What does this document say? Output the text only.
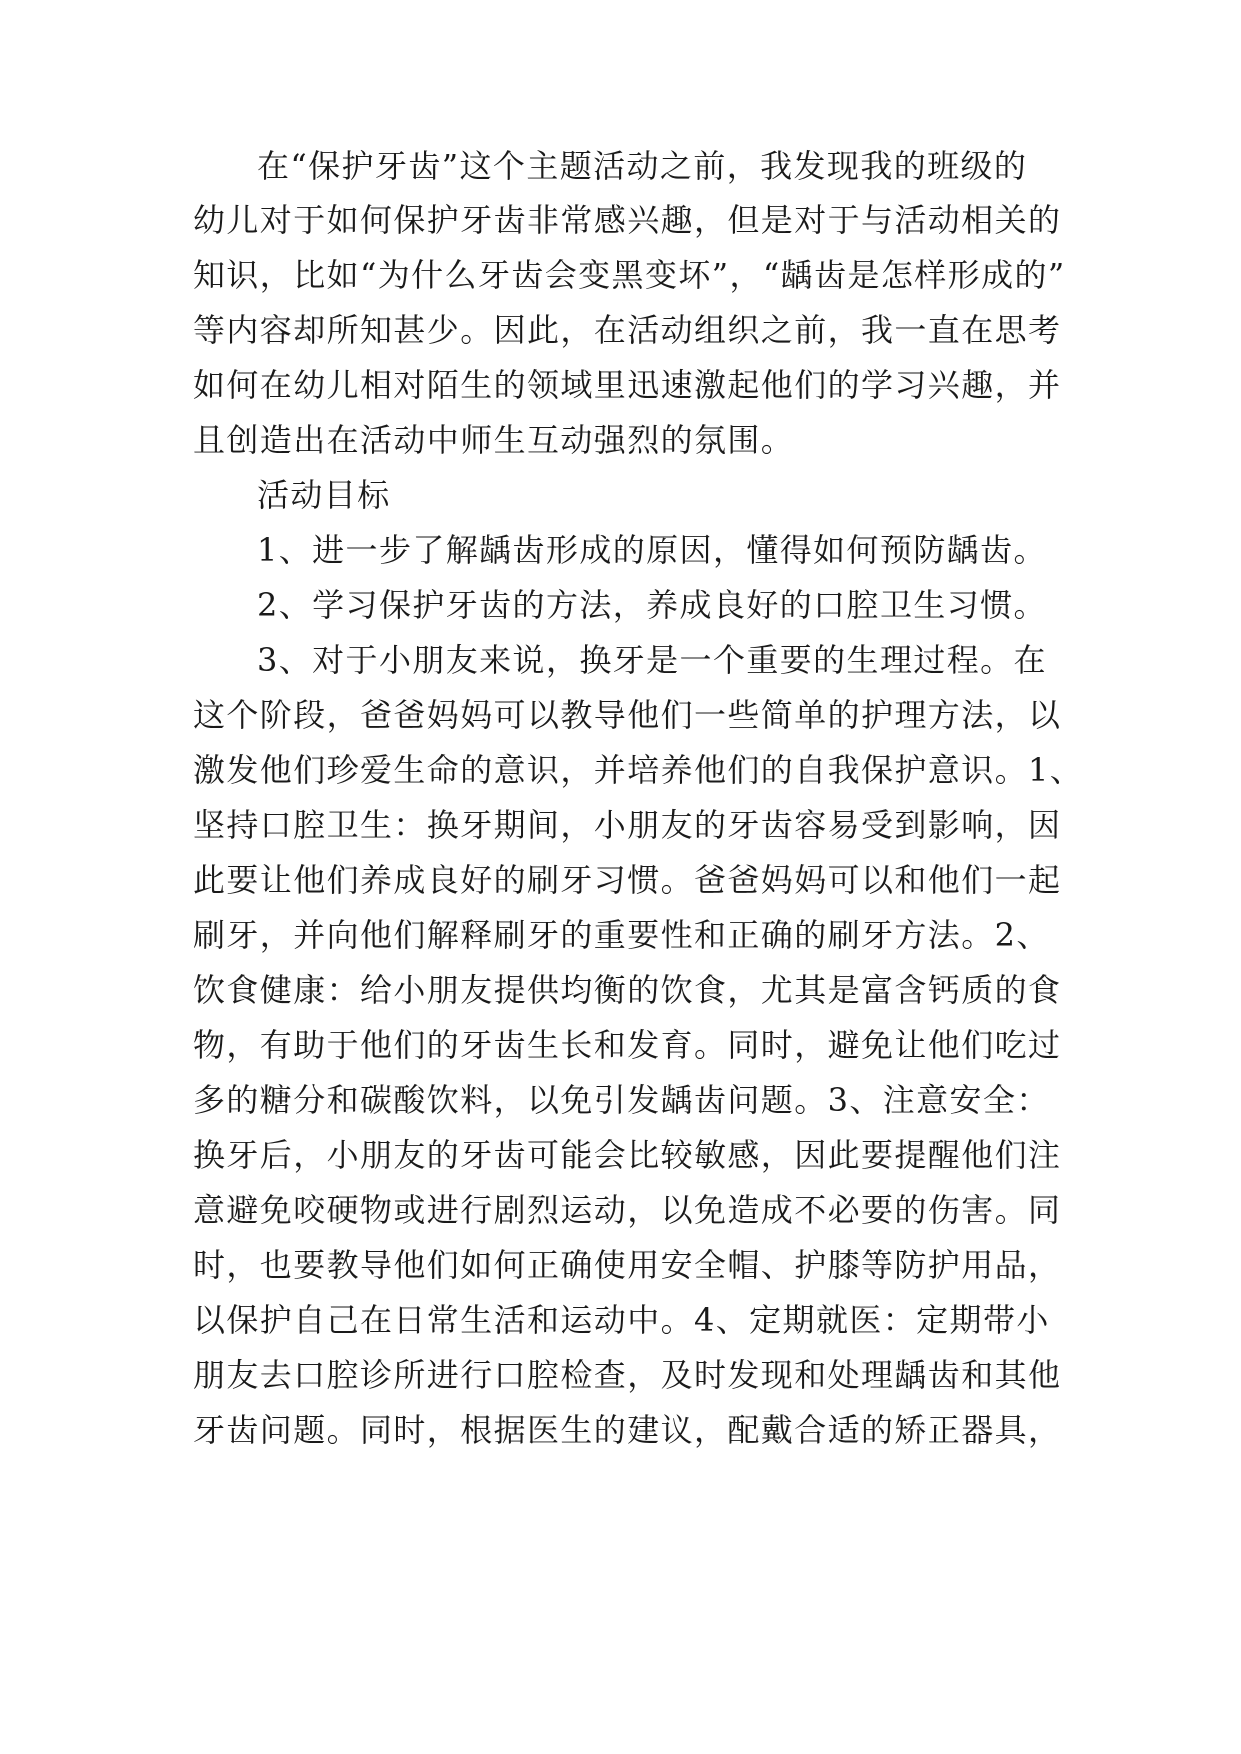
在“保护牙齿”这个主题活动之前，我发现我的班级的

幼儿对于如何保护牙齿非常感兴趣，但是对于与活动相关的

知识，比如“为什么牙齿会变黑变坏”，“龋齿是怎样形成的”

等内容却所知甚少。因此，在活动组织之前，我一直在思考

如何在幼儿相对陌生的领域里迅速激起他们的学习兴趣，并

且创造出在活动中师生互动强烈的氛围。

活动目标

1、进一步了解龋齿形成的原因，懂得如何预防龋齿。

2、学习保护牙齿的方法，养成良好的口腔卫生习惯。

3、对于小朋友来说，换牙是一个重要的生理过程。在

这个阶段，爸爸妈妈可以教导他们一些简单的护理方法，以

激发他们珍爱生命的意识，并培养他们的自我保护意识。1、

坚持口腔卫生：换牙期间，小朋友的牙齿容易受到影响，因

此要让他们养成良好的刷牙习惯。爸爸妈妈可以和他们一起

刷牙，并向他们解释刷牙的重要性和正确的刷牙方法。2、

饮食健康：给小朋友提供均衡的饮食，尤其是富含钙质的食

物，有助于他们的牙齿生长和发育。同时，避免让他们吃过

多的糖分和碳酸饮料，以免引发龋齿问题。3、注意安全：

换牙后，小朋友的牙齿可能会比较敏感，因此要提醒他们注

意避免咬硬物或进行剧烈运动，以免造成不必要的伤害。同

时，也要教导他们如何正确使用安全帽、护膝等防护用品，

以保护自己在日常生活和运动中。4、定期就医：定期带小

朋友去口腔诊所进行口腔检查，及时发现和处理龋齿和其他

牙齿问题。同时，根据医生的建议，配戴合适的矫正器具，
